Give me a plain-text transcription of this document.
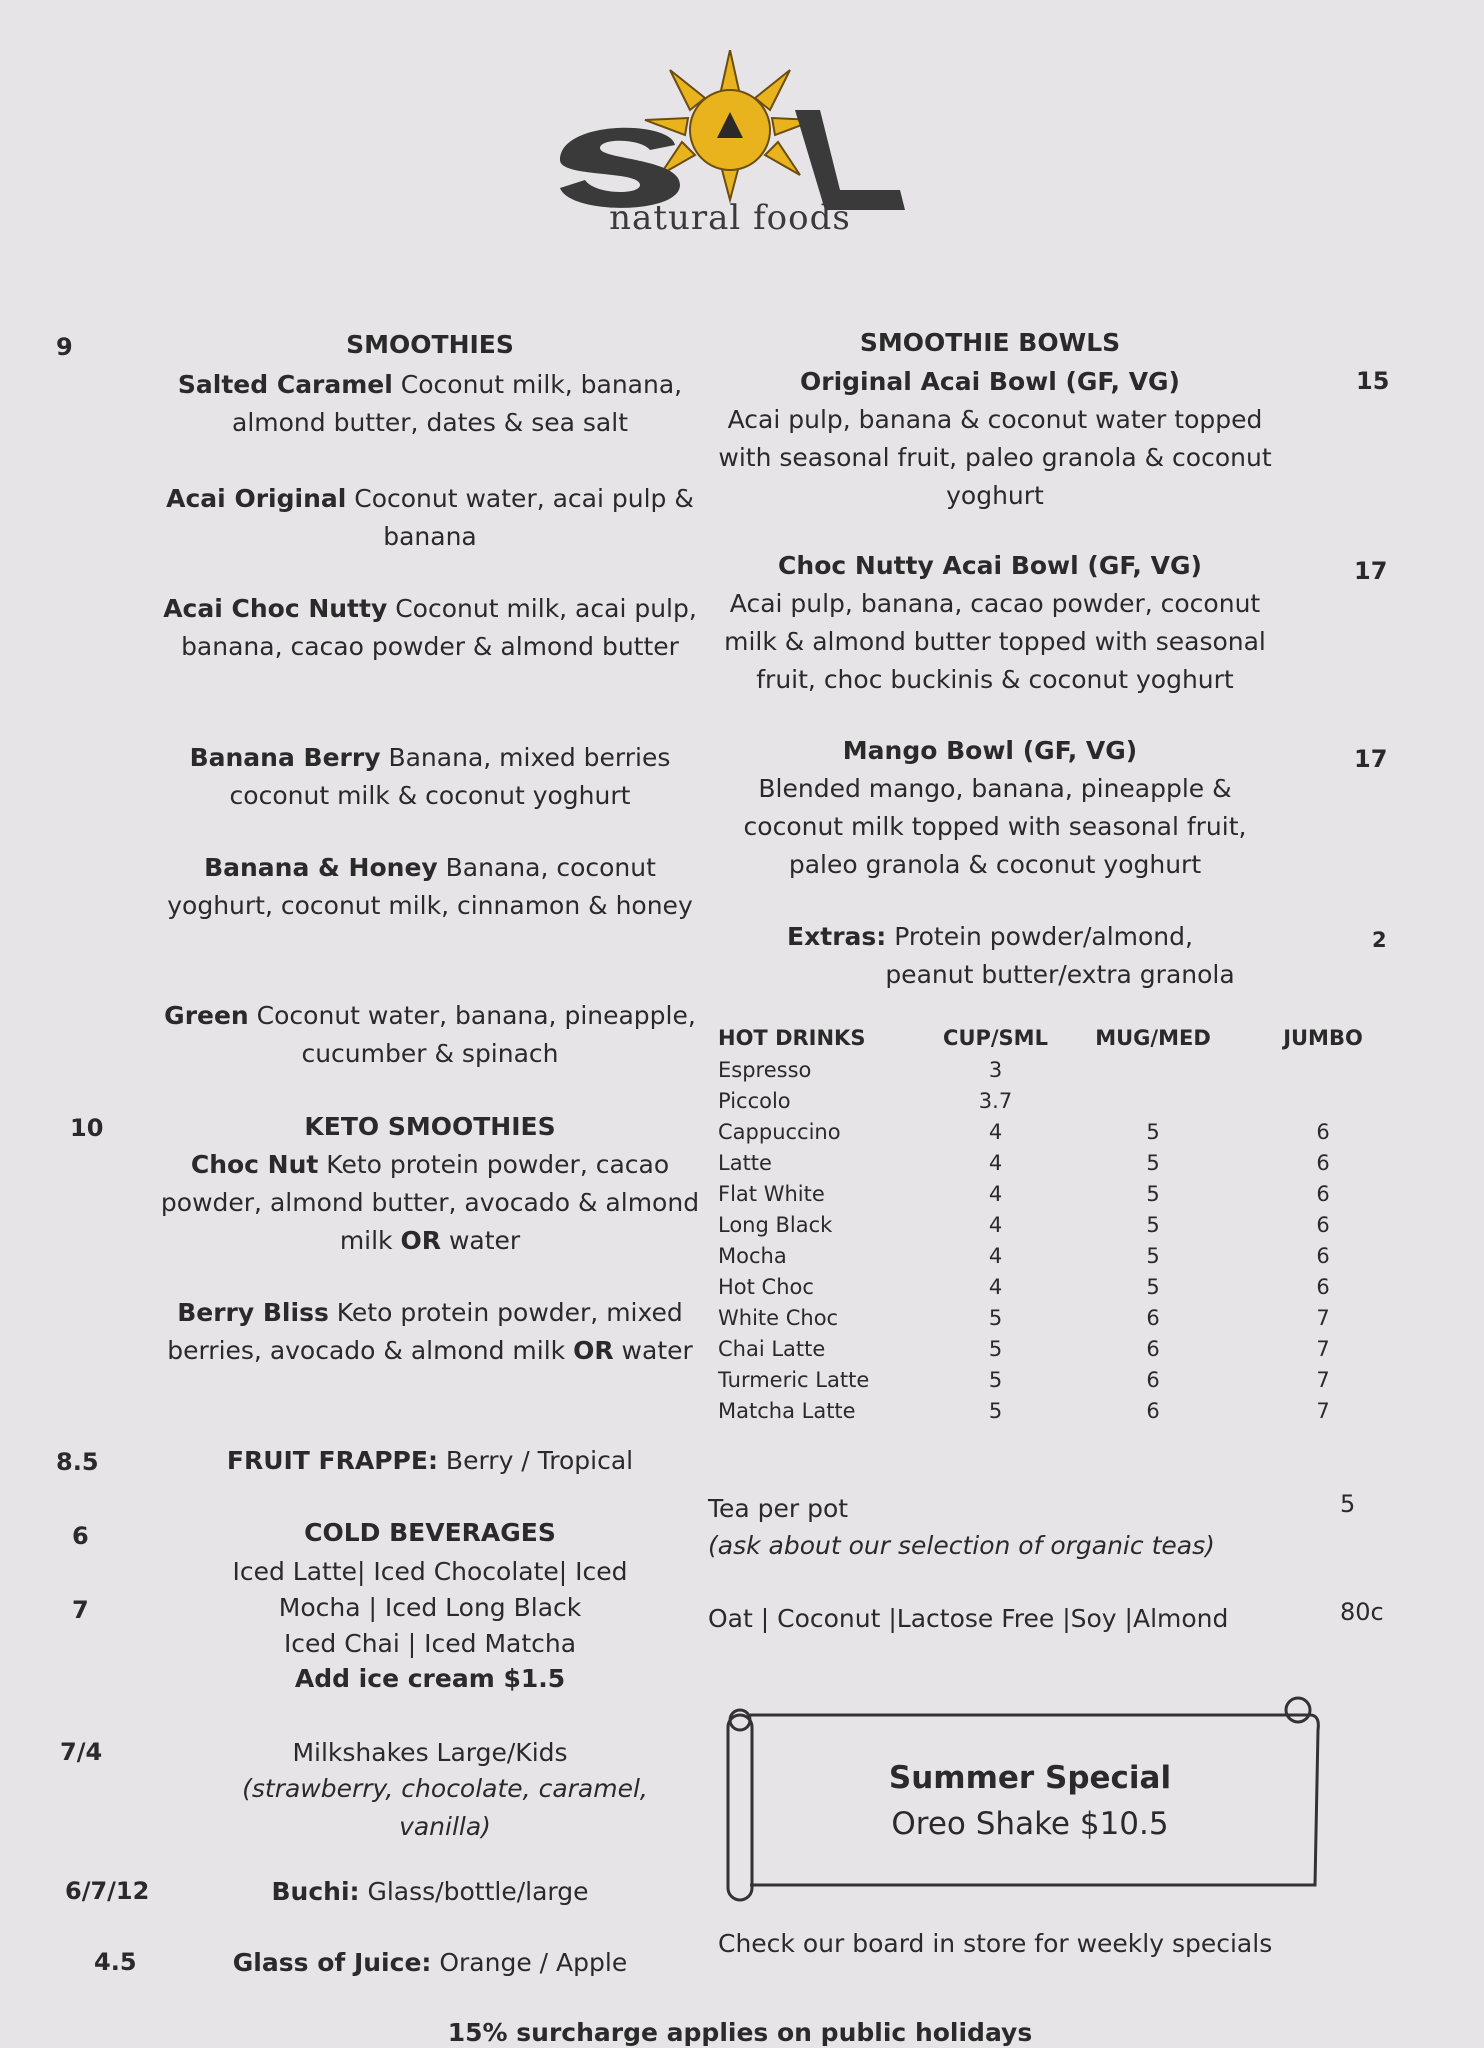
natural foods
9	SMOOTHIES
Salted Caramel Coconut milk, banana, almond butter, dates & sea salt
Acai Original Coconut water, acai pulp & banana
Acai Choc Nutty Coconut milk, acai pulp, banana, cacao powder & almond butter
Banana Berry Banana, mixed berries coconut milk & coconut yoghurt
Banana & Honey Banana, coconut yoghurt, coconut milk, cinnamon & honey
Green Coconut water, banana, pineapple, cucumber & spinach
10	KETO SMOOTHIES
Choc Nut Keto protein powder, cacao powder, almond butter, avocado & almond milk OR water
Berry Bliss Keto protein powder, mixed berries, avocado & almond milk OR water
8.5	FRUIT FRAPPE: Berry / Tropical
6
7
COLD BEVERAGES
Iced Latte| Iced Chocolate| Iced
Mocha | Iced Long Black
Iced Chai | Iced Matcha
Add ice cream $1.5
7/4	Milkshakes Large/Kids
(strawberry, chocolate, caramel, vanilla)
6/7/12	Buchi: Glass/bottle/large
4.5	Glass of Juice: Orange / Apple
SMOOTHIE BOWLS
Original Acai Bowl (GF, VG)	15
Acai pulp, banana & coconut water topped with seasonal fruit, paleo granola & coconut yoghurt
Choc Nutty Acai Bowl (GF, VG)	17
Acai pulp, banana, cacao powder, coconut milk & almond butter topped with seasonal fruit, choc buckinis & coconut yoghurt
Mango Bowl (GF, VG)	17
Blended mango, banana, pineapple & coconut milk topped with seasonal fruit, paleo granola & coconut yoghurt
Extras: Protein powder/almond,
peanut butter/extra granola
2
HOT DRINKS	CUP/SML	MUG/MED	JUMBO
Espresso	3		
Piccolo	3.7		
Cappuccino	4	5	6
Latte	4	5	6
Flat White	4	5	6
Long Black	4	5	6
Mocha	4	5	6
Hot Choc	4	5	6
White Choc	5	6	7
Chai Latte	5	6	7
Turmeric Latte	5	6	7
Matcha Latte	5	6	7
Tea per pot
(ask about our selection of organic teas)
5
Oat | Coconut |Lactose Free |Soy |Almond	80c
Summer Special
Oreo Shake $10.5
Check our board in store for weekly specials
15% surcharge applies on public holidays
